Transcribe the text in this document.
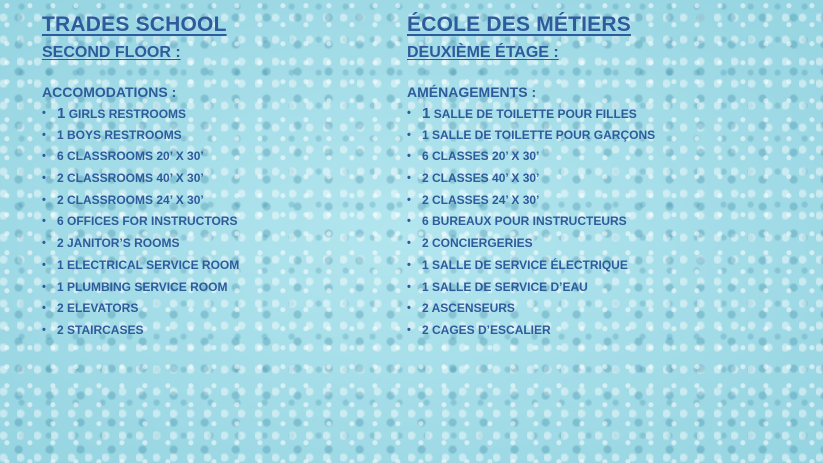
TRADES SCHOOL
SECOND FLOOR :
ACCOMODATIONS :
• 1 GIRLS RESTROOMS
• 1 BOYS RESTROOMS
• 6 CLASSROOMS 20’ X 30’
• 2 CLASSROOMS 40’ X 30’
• 2 CLASSROOMS 24’ X 30’
• 6 OFFICES FOR INSTRUCTORS
• 2 JANITOR’S ROOMS
• 1 ELECTRICAL SERVICE ROOM
• 1 PLUMBING SERVICE ROOM
• 2 ELEVATORS
• 2 STAIRCASES
ÉCOLE DES MÉTIERS
DEUXIÈME ÉTAGE :
AMÉNAGEMENTS :
• 1 SALLE DE TOILETTE POUR FILLES
• 1 SALLE DE TOILETTE POUR GARÇONS
• 6 CLASSES 20’ X 30’
• 2 CLASSES 40’ X 30’
• 2 CLASSES 24’ X 30’
• 6 BUREAUX POUR INSTRUCTEURS
• 2 CONCIERGERIES
• 1 SALLE DE SERVICE ÉLECTRIQUE
• 1 SALLE DE SERVICE D’EAU
• 2 ASCENSEURS
• 2 CAGES D’ESCALIER
